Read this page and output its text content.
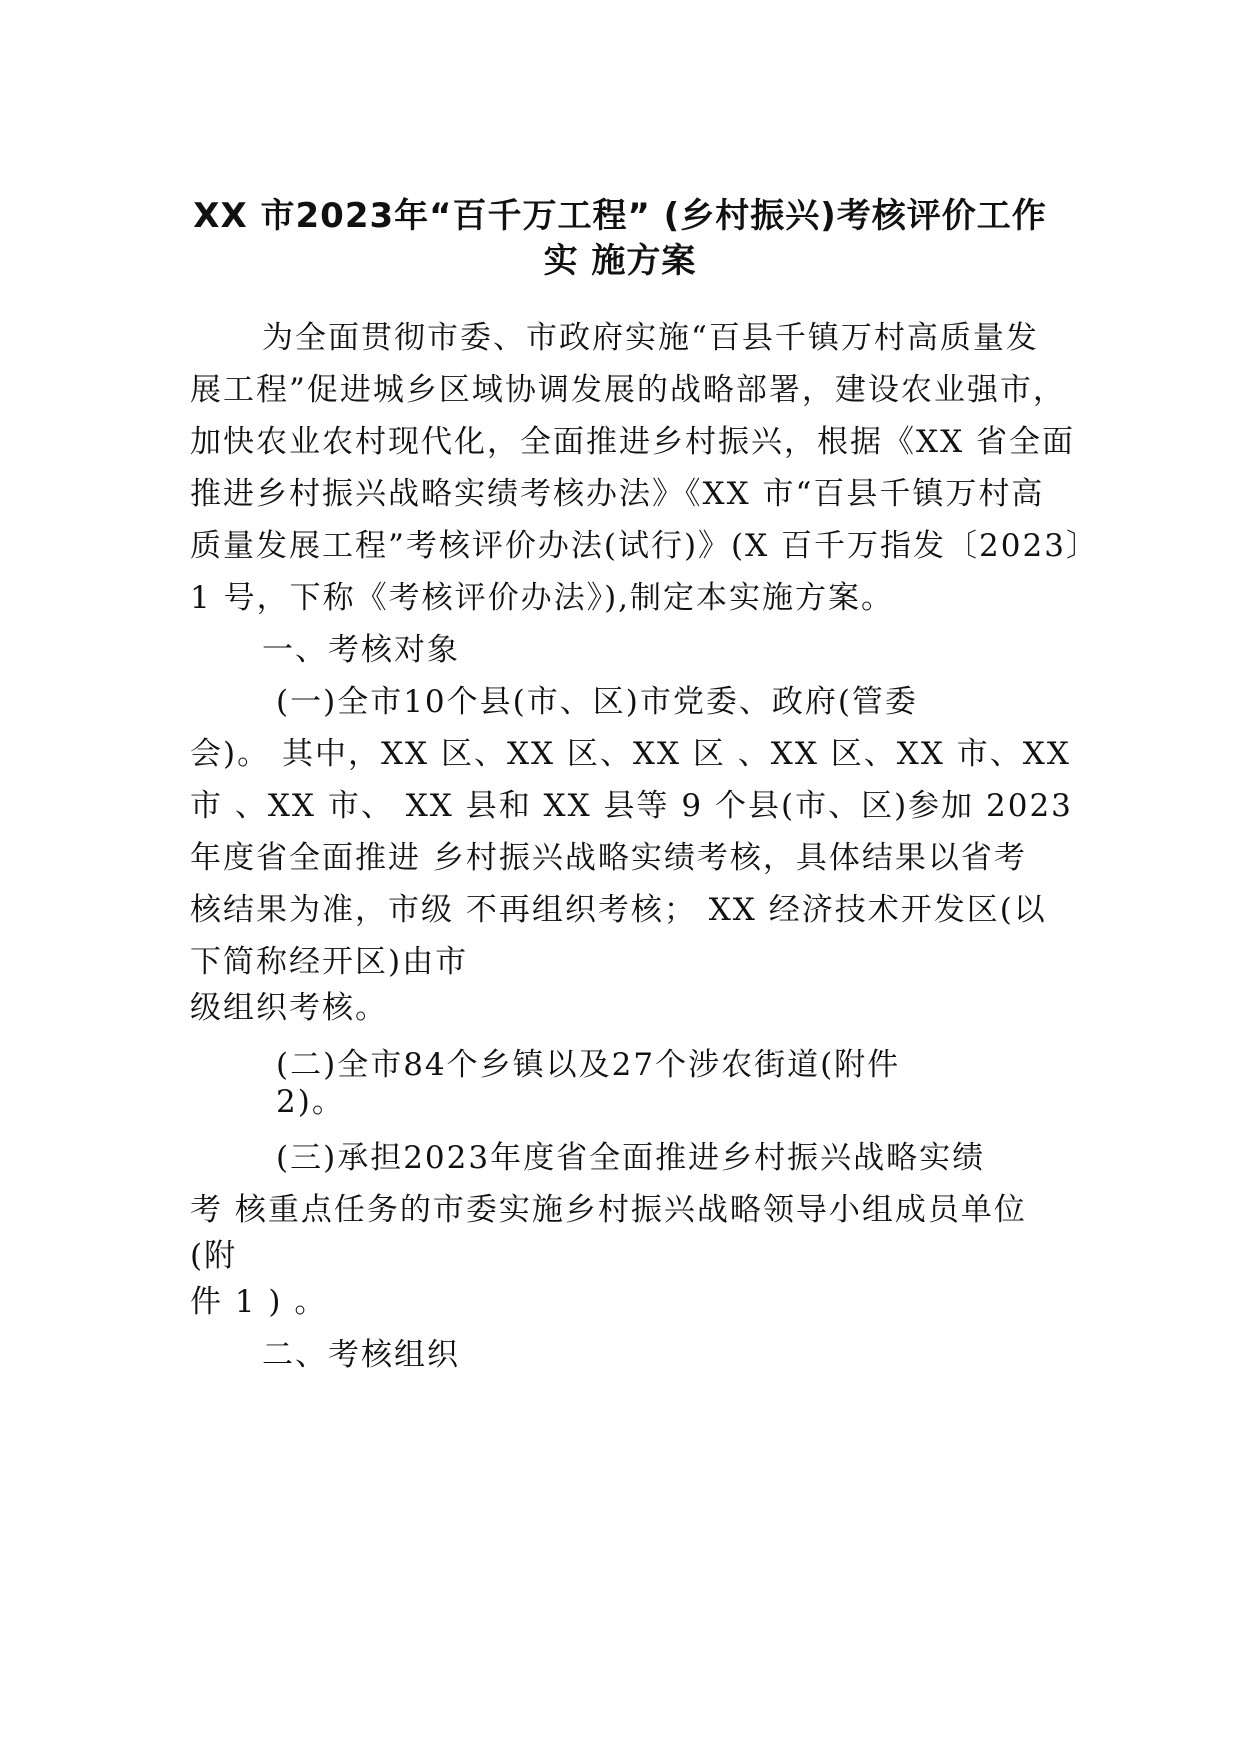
XX 市2023年“百千万工程” (乡村振兴)考核评价工作
实 施方案
为全面贯彻市委、市政府实施“百县千镇万村高质量发
展工程”促进城乡区域协调发展的战略部署，建设农业强市，
加快农业农村现代化，全面推进乡村振兴，根据《XX 省全面
推进乡村振兴战略实绩考核办法》《XX 市“百县千镇万村高
质量发展工程”考核评价办法(试行)》(X 百千万指发〔2023〕
1 号，下称《考核评价办法》),制定本实施方案。
一、考核对象
(一)全市10个县(市、区)市党委、政府(管委
会)。 其中，XX 区、XX 区、XX 区 、XX 区、XX 市、XX
市 、XX 市、 XX 县和 XX 县等 9 个县(市、区)参加 2023
年度省全面推进 乡村振兴战略实绩考核，具体结果以省考
核结果为准，市级 不再组织考核； XX 经济技术开发区(以
下简称经开区)由市
级组织考核。
(二)全市84个乡镇以及27个涉农街道(附件
2)。
(三)承担2023年度省全面推进乡村振兴战略实绩
考 核重点任务的市委实施乡村振兴战略领导小组成员单位
(附
件 1 ) 。
二、考核组织
